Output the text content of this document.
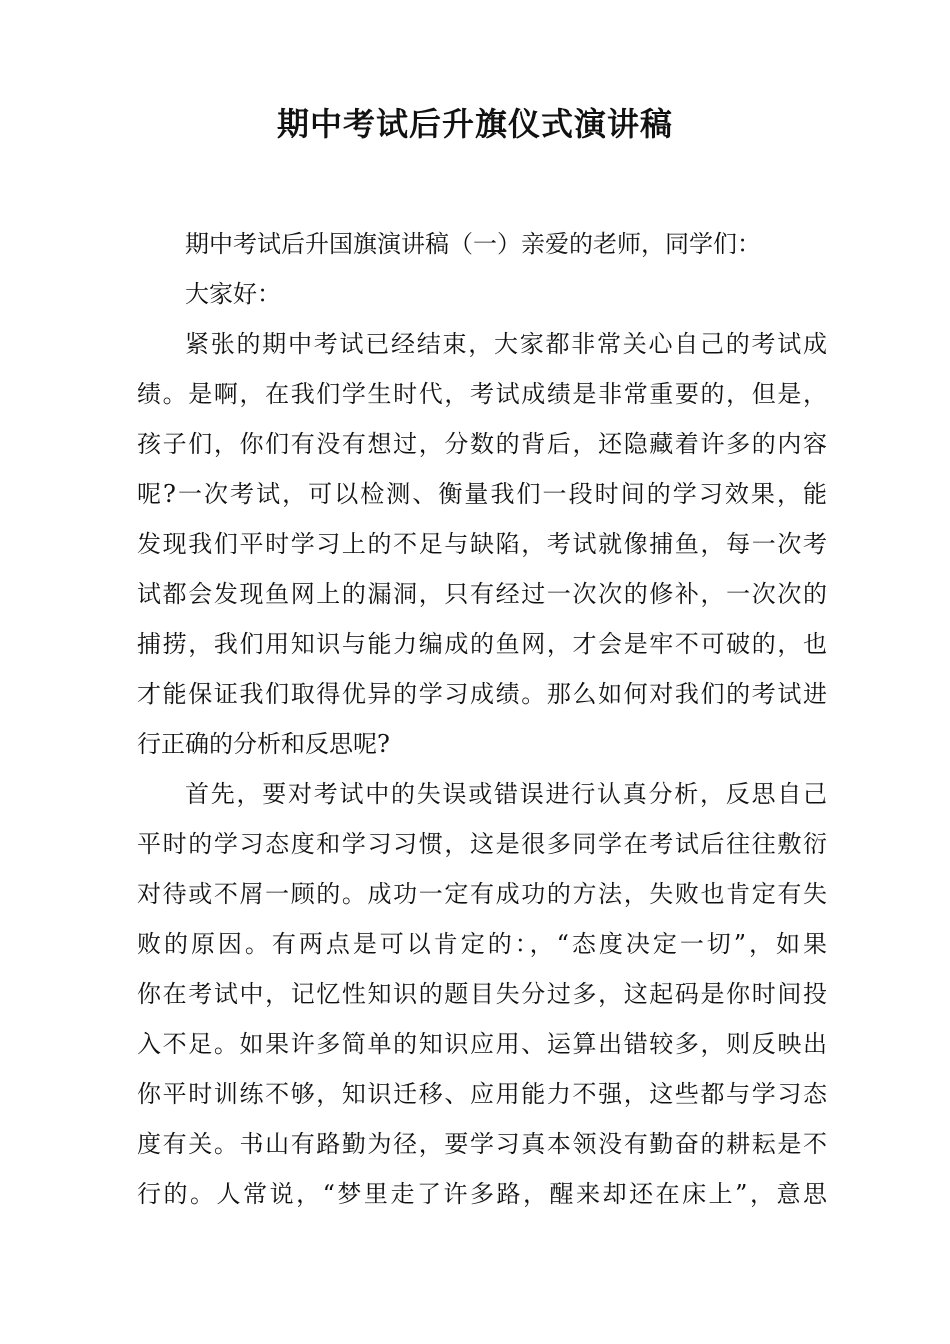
期中考试后升旗仪式演讲稿
期中考试后升国旗演讲稿（一）亲爱的老师，同学们：
大家好：
紧张的期中考试已经结束，大家都非常关心自己的考试成
绩。是啊，在我们学生时代，考试成绩是非常重要的，但是，
孩子们，你们有没有想过，分数的背后，还隐藏着许多的内容
呢?一次考试，可以检测、衡量我们一段时间的学习效果，能
发现我们平时学习上的不足与缺陷，考试就像捕鱼，每一次考
试都会发现鱼网上的漏洞，只有经过一次次的修补，一次次的
捕捞，我们用知识与能力编成的鱼网，才会是牢不可破的，也
才能保证我们取得优异的学习成绩。那么如何对我们的考试进
行正确的分析和反思呢?
首先，要对考试中的失误或错误进行认真分析，反思自己
平时的学习态度和学习习惯，这是很多同学在考试后往往敷衍
对待或不屑一顾的。成功一定有成功的方法，失败也肯定有失
败的原因。有两点是可以肯定的：，“态度决定一切”，如果
你在考试中，记忆性知识的题目失分过多，这起码是你时间投
入不足。如果许多简单的知识应用、运算出错较多，则反映出
你平时训练不够，知识迁移、应用能力不强，这些都与学习态
度有关。书山有路勤为径，要学习真本领没有勤奋的耕耘是不
行的。人常说，“梦里走了许多路，醒来却还在床上”，意思
